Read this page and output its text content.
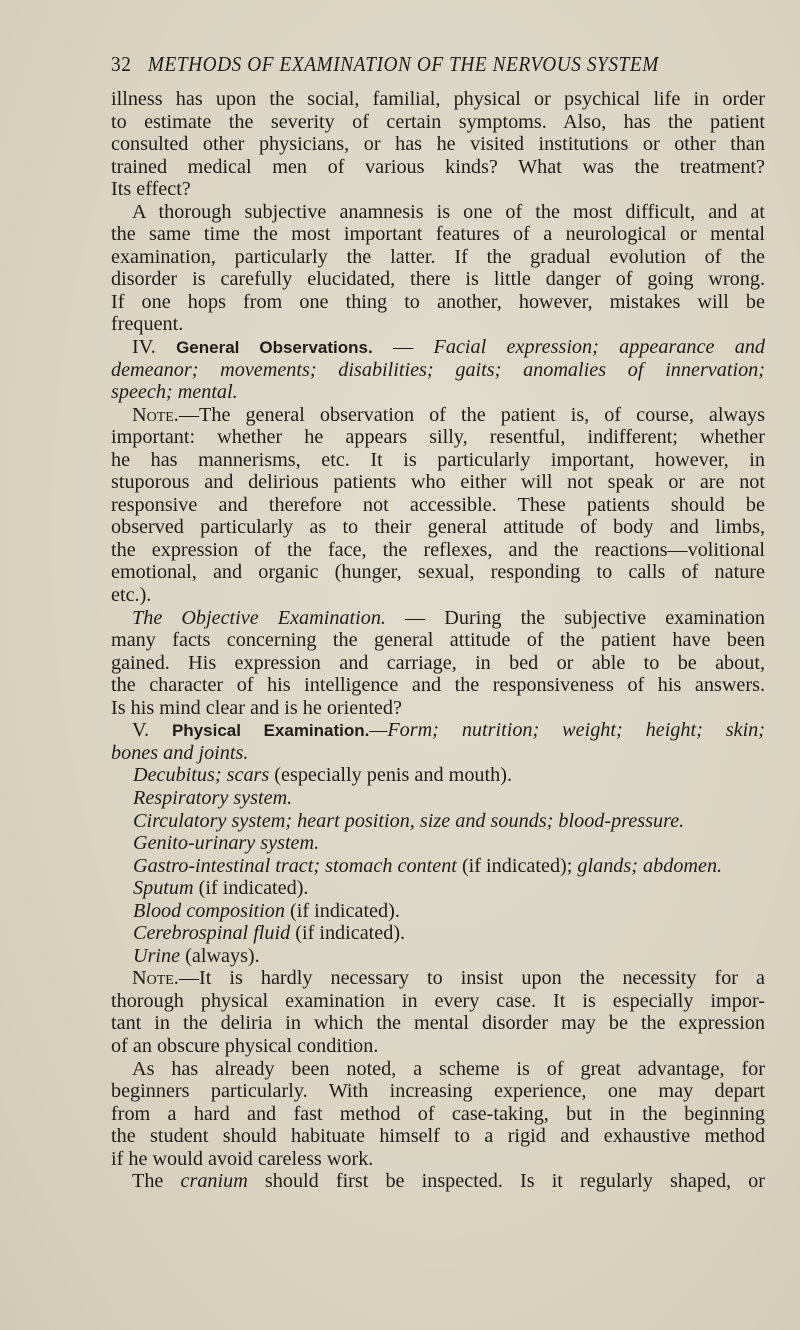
32 METHODS OF EXAMINATION OF THE NERVOUS SYSTEM
illness has upon the social, familial, physical or psychical life in order
to estimate the severity of certain symptoms. Also, has the patient
consulted other physicians, or has he visited institutions or other than
trained medical men of various kinds? What was the treatment?
Its effect?
A thorough subjective anamnesis is one of the most difficult, and at
the same time the most important features of a neurological or mental
examination, particularly the latter. If the gradual evolution of the
disorder is carefully elucidated, there is little danger of going wrong.
If one hops from one thing to another, however, mistakes will be
frequent.
IV. General Observations. — Facial expression; appearance and
demeanor; movements; disabilities; gaits; anomalies of innervation;
speech; mental.
Note.—The general observation of the patient is, of course, always
important: whether he appears silly, resentful, indifferent; whether
he has mannerisms, etc. It is particularly important, however, in
stuporous and delirious patients who either will not speak or are not
responsive and therefore not accessible. These patients should be
observed particularly as to their general attitude of body and limbs,
the expression of the face, the reflexes, and the reactions—volitional
emotional, and organic (hunger, sexual, responding to calls of nature
etc.).
The Objective Examination. — During the subjective examination
many facts concerning the general attitude of the patient have been
gained. His expression and carriage, in bed or able to be about,
the character of his intelligence and the responsiveness of his answers.
Is his mind clear and is he oriented?
V. Physical Examination.—Form; nutrition; weight; height; skin;
bones and joints.
Decubitus; scars (especially penis and mouth).
Respiratory system.
Circulatory system; heart position, size and sounds; blood-pressure.
Genito-urinary system.
Gastro-intestinal tract; stomach content (if indicated); glands; abdomen.
Sputum (if indicated).
Blood composition (if indicated).
Cerebrospinal fluid (if indicated).
Urine (always).
Note.—It is hardly necessary to insist upon the necessity for a
thorough physical examination in every case. It is especially impor-
tant in the deliria in which the mental disorder may be the expression
of an obscure physical condition.
As has already been noted, a scheme is of great advantage, for
beginners particularly. With increasing experience, one may depart
from a hard and fast method of case-taking, but in the beginning
the student should habituate himself to a rigid and exhaustive method
if he would avoid careless work.
The cranium should first be inspected. Is it regularly shaped, or
